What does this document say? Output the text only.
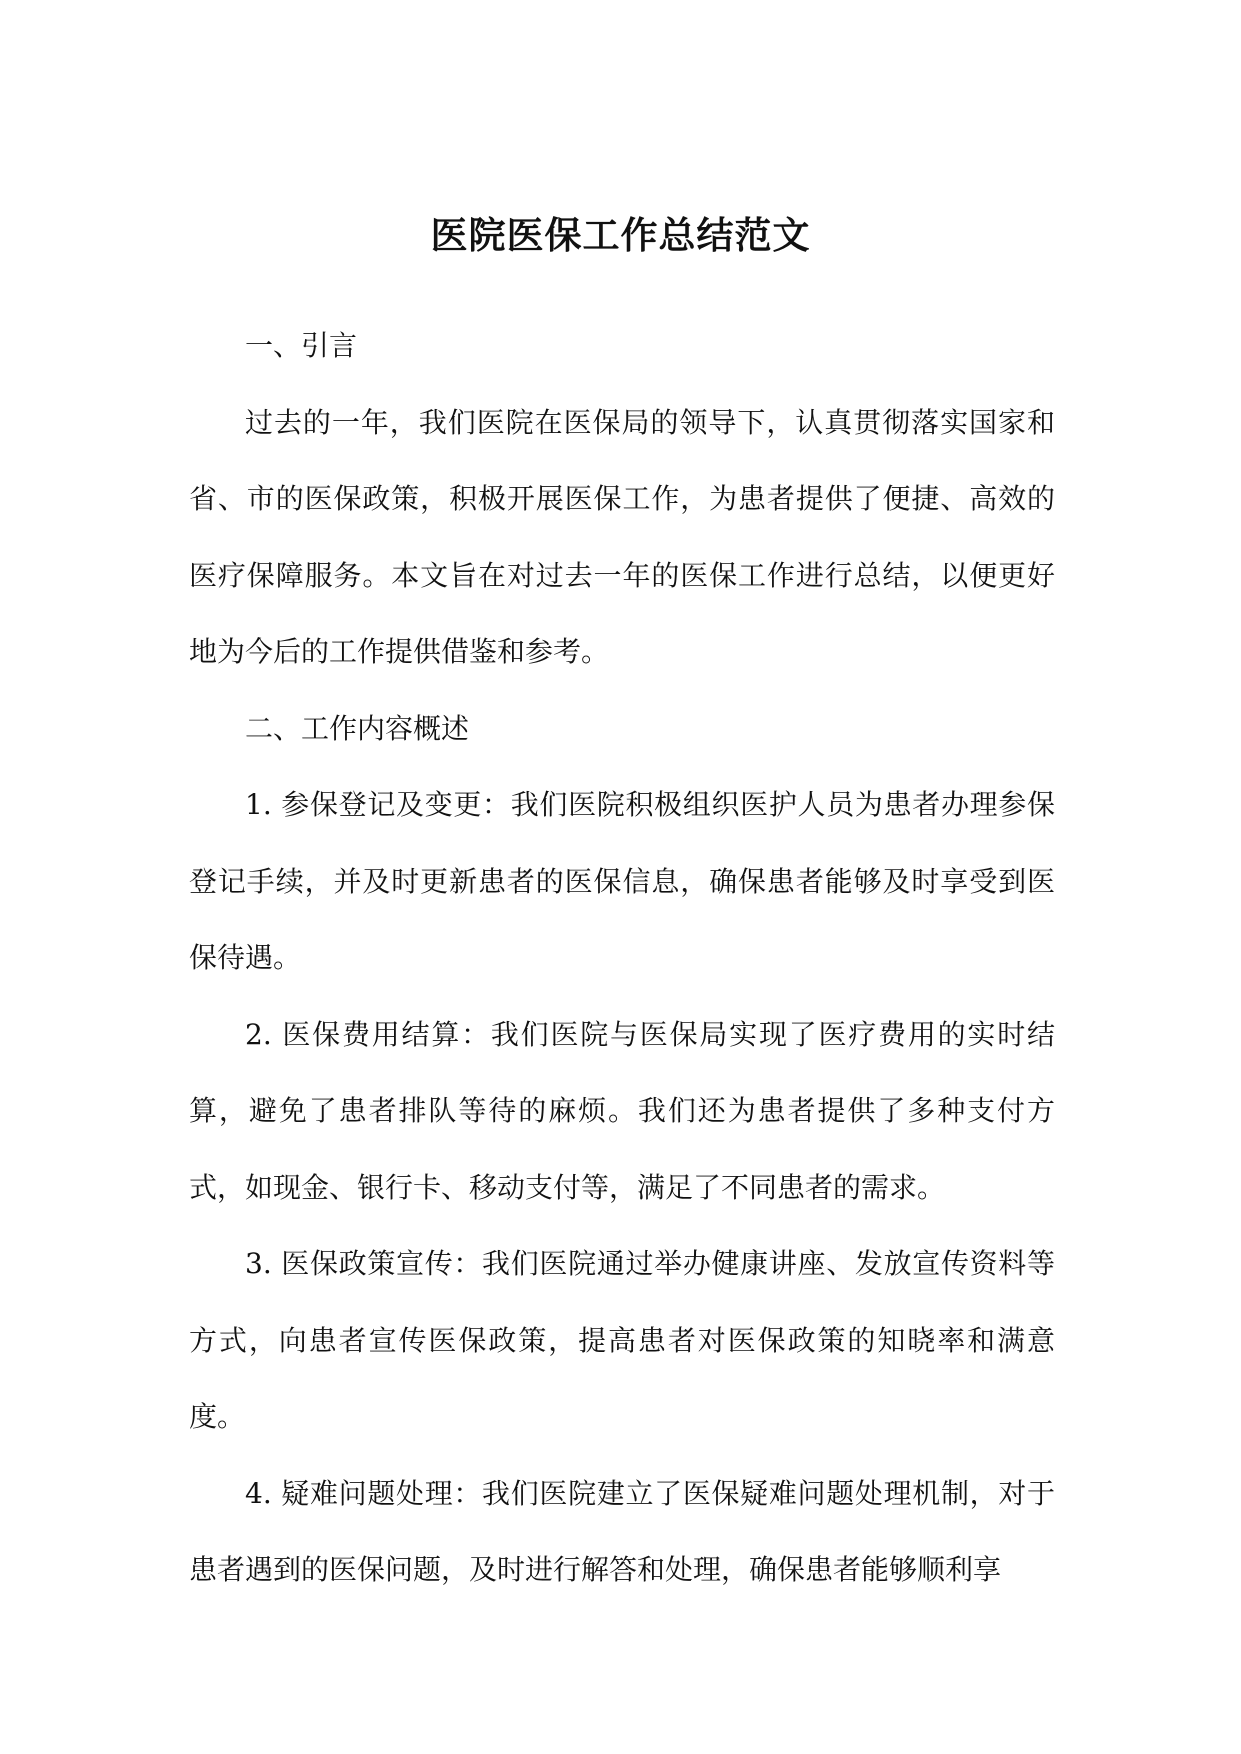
医院医保工作总结范文

一、引言

过去的一年，我们医院在医保局的领导下，认真贯彻落实国家和省、市的医保政策，积极开展医保工作，为患者提供了便捷、高效的医疗保障服务。本文旨在对过去一年的医保工作进行总结，以便更好地为今后的工作提供借鉴和参考。

二、工作内容概述

1. 参保登记及变更：我们医院积极组织医护人员为患者办理参保登记手续，并及时更新患者的医保信息，确保患者能够及时享受到医保待遇。

2. 医保费用结算：我们医院与医保局实现了医疗费用的实时结算，避免了患者排队等待的麻烦。我们还为患者提供了多种支付方式，如现金、银行卡、移动支付等，满足了不同患者的需求。

3. 医保政策宣传：我们医院通过举办健康讲座、发放宣传资料等方式，向患者宣传医保政策，提高患者对医保政策的知晓率和满意度。

4. 疑难问题处理：我们医院建立了医保疑难问题处理机制，对于患者遇到的医保问题，及时进行解答和处理，确保患者能够顺利享
